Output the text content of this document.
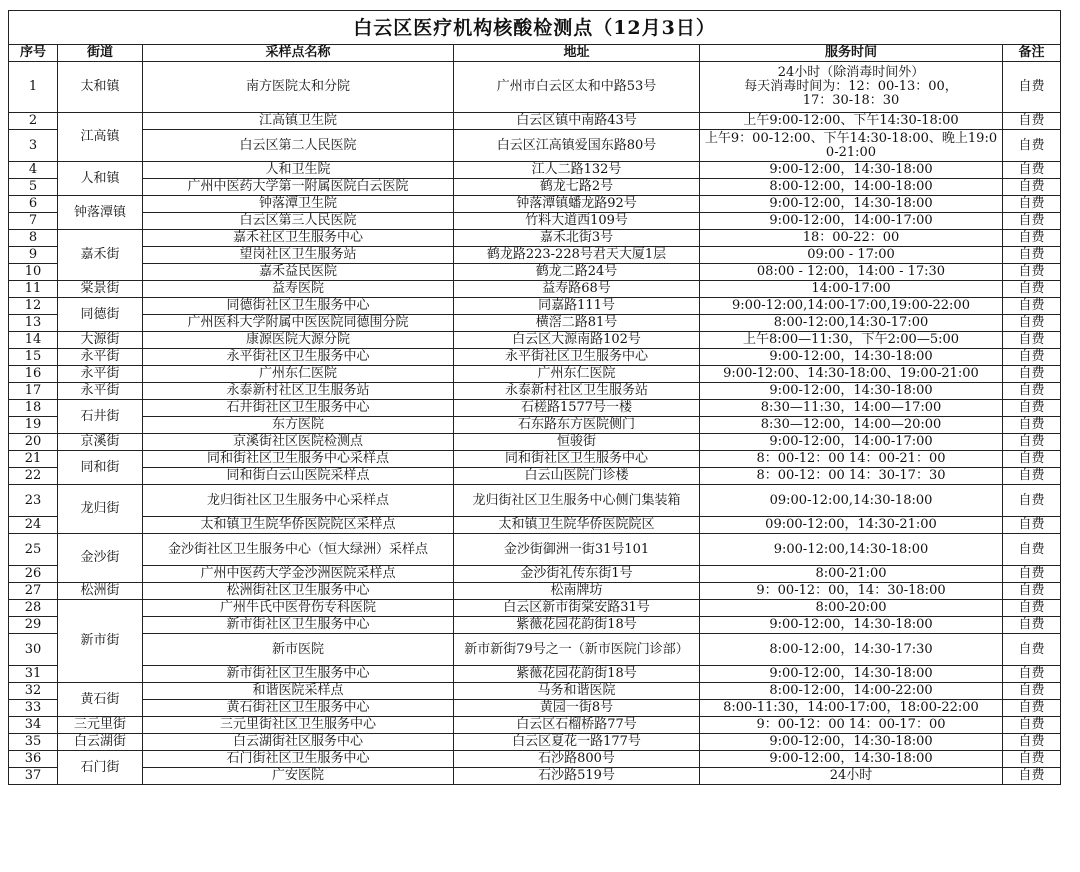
白云区医疗机构核酸检测点（12月3日）					
序号	街道	采样点名称	地址	服务时间	备注
1	太和镇	南方医院太和分院	广州市白云区太和中路53号	24小时（除消毒时间外）
每天消毒时间为：12：00-13：00，
17：30-18：30	自费
2	江高镇	江高镇卫生院	白云区镇中南路43号	上午9:00-12:00、下午14:30-18:00	自费
3		白云区第二人民医院	白云区江高镇爱国东路80号	上午9：00-12:00、下午14:30-18:00、晚上19:00-21:00	自费
4	人和镇	人和卫生院	江人二路132号	9:00-12:00，14:30-18:00	自费
5		广州中医药大学第一附属医院白云医院	鹤龙七路2号	8:00-12:00，14:00-18:00	自费
6	钟落潭镇	钟落潭卫生院	钟落潭镇蟠龙路92号	9:00-12:00，14:30-18:00	自费
7		白云区第三人民医院	竹料大道西109号	9:00-12:00，14:00-17:00	自费
8	嘉禾街	嘉禾社区卫生服务中心	嘉禾北街3号	18：00-22：00	自费
9		望岗社区卫生服务站	鹤龙路223-228号君天大厦1层	09:00 - 17:00	自费
10		嘉禾益民医院	鹤龙二路24号	08:00 - 12:00，14:00 - 17:30	自费
11	棠景街	益寿医院	益寿路68号	14:00-17:00	自费
12	同德街	同德街社区卫生服务中心	同嘉路111号	9:00-12:00,14:00-17:00,19:00-22:00	自费
13		广州医科大学附属中医医院同德围分院	横滘二路81号	8:00-12:00,14:30-17:00	自费
14	大源街	康源医院大源分院	白云区大源南路102号	上午8:00—11:30，下午2:00—5:00	自费
15	永平街	永平街社区卫生服务中心	永平街社区卫生服务中心	9:00-12:00，14:30-18:00	自费
16	永平街	广州东仁医院	广州东仁医院	9:00-12:00、14:30-18:00、19:00-21:00	自费
17	永平街	永泰新村社区卫生服务站	永泰新村社区卫生服务站	9:00-12:00，14:30-18:00	自费
18	石井街	石井街社区卫生服务中心	石槎路1577号一楼	8:30—11:30，14:00—17:00	自费
19		东方医院	石东路东方医院侧门	8:30—12:00，14:00—20:00	自费
20	京溪街	京溪街社区医院检测点	恒骏街	9:00-12:00，14:00-17:00	自费
21	同和街	同和街社区卫生服务中心采样点	同和街社区卫生服务中心	8：00-12：00 14：00-21：00	自费
22		同和街白云山医院采样点	白云山医院门诊楼	8：00-12：00 14：30-17：30	自费
23	龙归街	龙归街社区卫生服务中心采样点	龙归街社区卫生服务中心侧门集装箱	09:00-12:00,14:30-18:00	自费
24		太和镇卫生院华侨医院院区采样点	太和镇卫生院华侨医院院区	09:00-12:00，14:30-21:00	自费
25	金沙街	金沙街社区卫生服务中心（恒大绿洲）采样点	金沙街御洲一街31号101	9:00-12:00,14:30-18:00	自费
26		广州中医药大学金沙洲医院采样点	金沙街礼传东街1号	8:00-21:00	自费
27	松洲街	松洲街社区卫生服务中心	松南牌坊	9：00-12：00，14：30-18:00	自费
28	新市街	广州牛氏中医骨伤专科医院	白云区新市街棠安路31号	8:00-20:00	自费
29		新市街社区卫生服务中心	紫薇花园花韵街18号	9:00-12:00，14:30-18:00	自费
30		新市医院	新市新街79号之一（新市医院门诊部）	8:00-12:00，14:30-17:30	自费
31		新市街社区卫生服务中心	紫薇花园花韵街18号	9:00-12:00，14:30-18:00	自费
32	黄石街	和谐医院采样点	马务和谐医院	8:00-12:00，14:00-22:00	自费
33		黄石街社区卫生服务中心	黄园一街8号	8:00-11:30，14:00-17:00，18:00-22:00	自费
34	三元里街	三元里街社区卫生服务中心	白云区石榴桥路77号	9：00-12：00 14：00-17：00	自费
35	白云湖街	白云湖街社区服务中心	白云区夏花一路177号	9:00-12:00，14:30-18:00	自费
36	石门街	石门街社区卫生服务中心	石沙路800号	9:00-12:00，14:30-18:00	自费
37		广安医院	石沙路519号	24小时	自费
